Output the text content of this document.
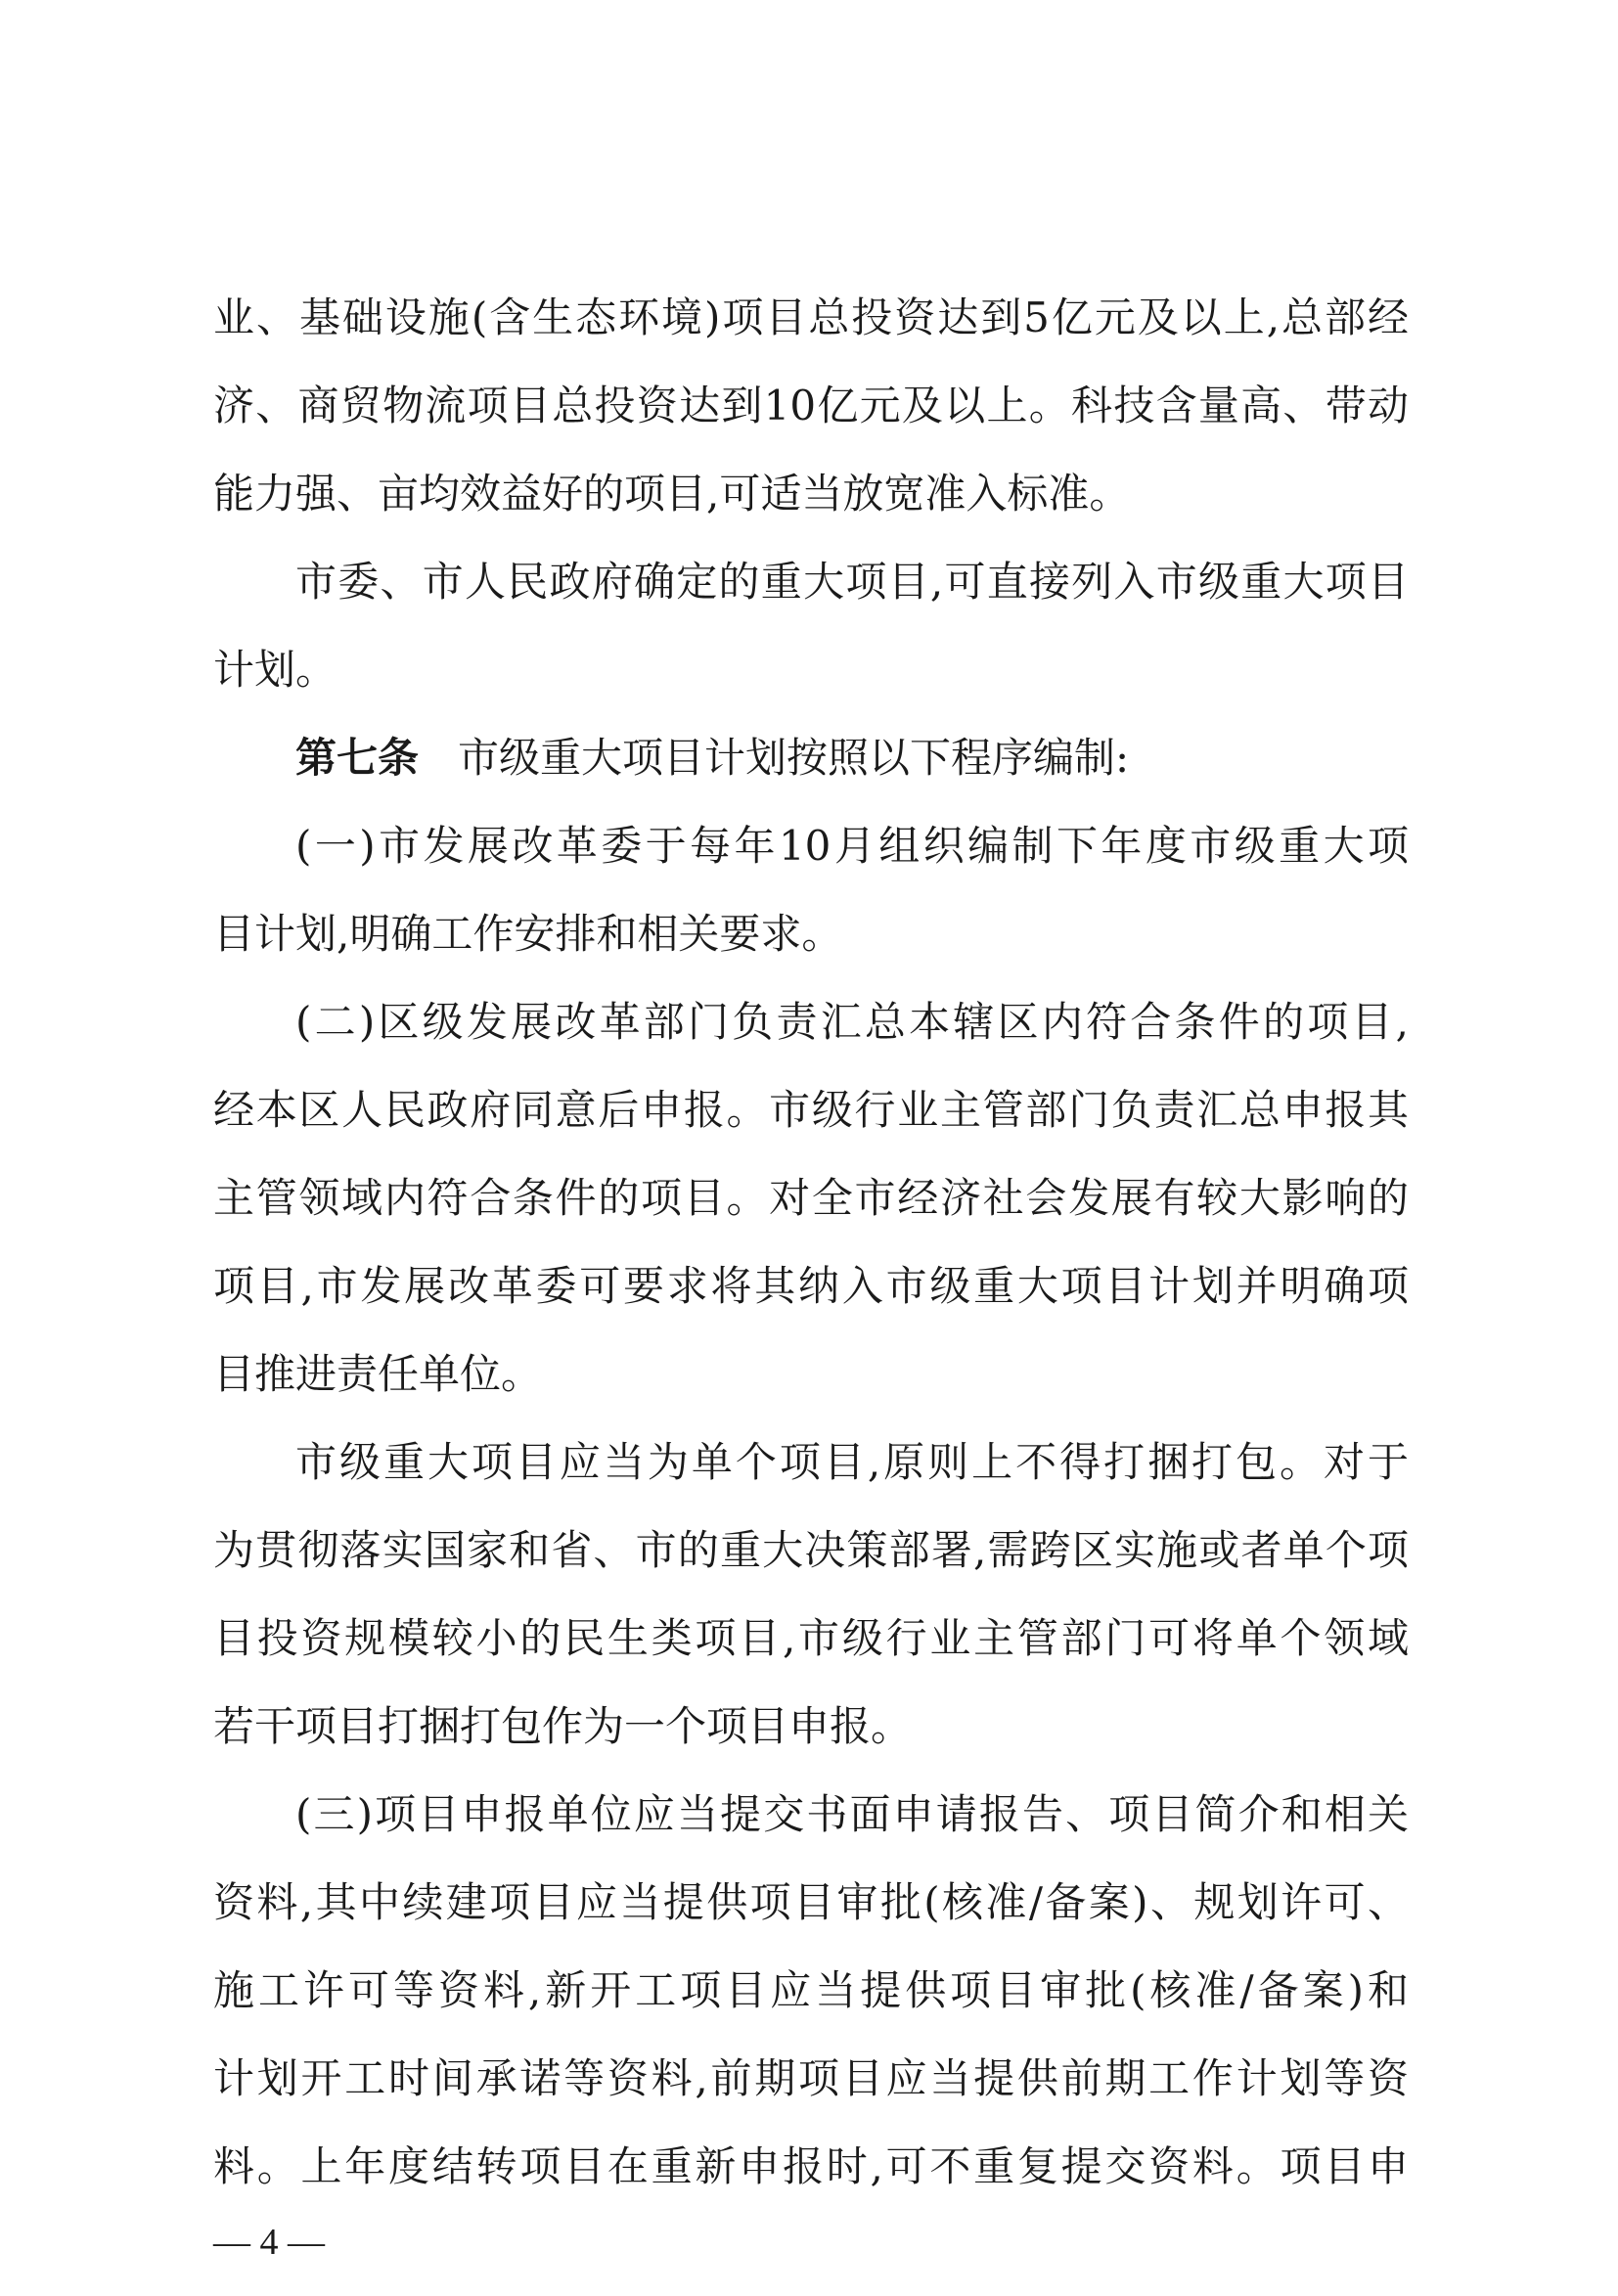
业、基础设施(含生态环境)项目总投资达到5亿元及以上,总部经
济、商贸物流项目总投资达到10亿元及以上。科技含量高、带动
能力强、亩均效益好的项目,可适当放宽准入标准。
市委、市人民政府确定的重大项目,可直接列入市级重大项目
计划。
第七条 市级重大项目计划按照以下程序编制:
(一)市发展改革委于每年10月组织编制下年度市级重大项
目计划,明确工作安排和相关要求。
(二)区级发展改革部门负责汇总本辖区内符合条件的项目,
经本区人民政府同意后申报。市级行业主管部门负责汇总申报其
主管领域内符合条件的项目。对全市经济社会发展有较大影响的
项目,市发展改革委可要求将其纳入市级重大项目计划并明确项
目推进责任单位。
市级重大项目应当为单个项目,原则上不得打捆打包。对于
为贯彻落实国家和省、市的重大决策部署,需跨区实施或者单个项
目投资规模较小的民生类项目,市级行业主管部门可将单个领域
若干项目打捆打包作为一个项目申报。
(三)项目申报单位应当提交书面申请报告、项目简介和相关
资料,其中续建项目应当提供项目审批(核准/备案)、规划许可、
施工许可等资料,新开工项目应当提供项目审批(核准/备案)和
计划开工时间承诺等资料,前期项目应当提供前期工作计划等资
料。上年度结转项目在重新申报时,可不重复提交资料。项目申
— 4 —
